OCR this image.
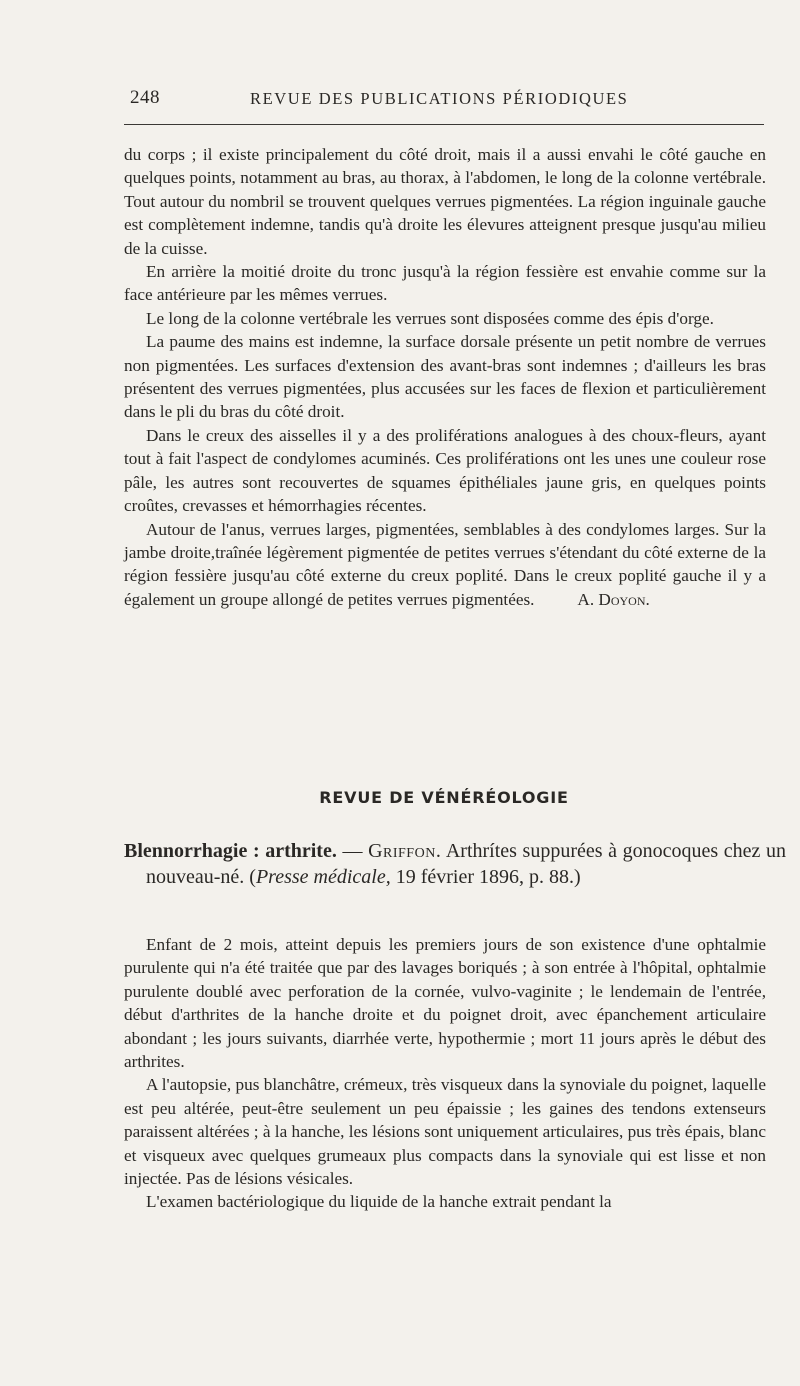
248	REVUE DES PUBLICATIONS PÉRIODIQUES

du corps ; il existe principalement du côté droit, mais il a aussi envahi le côté gauche en quelques points, notamment au bras, au thorax, à l'abdomen, le long de la colonne vertébrale. Tout autour du nombril se trouvent quelques verrues pigmentées. La région inguinale gauche est complètement indemne, tandis qu'à droite les élevures atteignent presque jusqu'au milieu de la cuisse.

En arrière la moitié droite du tronc jusqu'à la région fessière est envahie comme sur la face antérieure par les mêmes verrues.

Le long de la colonne vertébrale les verrues sont disposées comme des épis d'orge.

La paume des mains est indemne, la surface dorsale présente un petit nombre de verrues non pigmentées. Les surfaces d'extension des avant-bras sont indemnes ; d'ailleurs les bras présentent des verrues pigmentées, plus accusées sur les faces de flexion et particulièrement dans le pli du bras du côté droit.

Dans le creux des aisselles il y a des proliférations analogues à des choux-fleurs, ayant tout à fait l'aspect de condylomes acuminés. Ces proliférations ont les unes une couleur rose pâle, les autres sont recouvertes de squames épithéliales jaune gris, en quelques points croûtes, crevasses et hémorrhagies récentes.

Autour de l'anus, verrues larges, pigmentées, semblables à des condylomes larges. Sur la jambe droite,traînée légèrement pigmentée de petites verrues s'étendant du côté externe de la région fessière jusqu'au côté externe du creux poplité. Dans le creux poplité gauche il y a également un groupe allongé de petites verrues pigmentées. A. Doyon.

REVUE DE VÉNÉRÉOLOGIE
Blennorrhagie : arthrite. — Griffon. Arthrítes suppurées à gonocoques chez un nouveau-né. (Presse médicale, 19 février 1896, p. 88.)

Enfant de 2 mois, atteint depuis les premiers jours de son existence d'une ophtalmie purulente qui n'a été traitée que par des lavages boriqués ; à son entrée à l'hôpital, ophtalmie purulente doublé avec perforation de la cornée, vulvo-vaginite ; le lendemain de l'entrée, début d'arthrites de la hanche droite et du poignet droit, avec épanchement articulaire abondant ; les jours suivants, diarrhée verte, hypothermie ; mort 11 jours après le début des arthrites.

A l'autopsie, pus blanchâtre, crémeux, très visqueux dans la synoviale du poignet, laquelle est peu altérée, peut-être seulement un peu épaissie ; les gaines des tendons extenseurs paraissent altérées ; à la hanche, les lésions sont uniquement articulaires, pus très épais, blanc et visqueux avec quelques grumeaux plus compacts dans la synoviale qui est lisse et non injectée. Pas de lésions vésicales.

L'examen bactériologique du liquide de la hanche extrait pendant la
